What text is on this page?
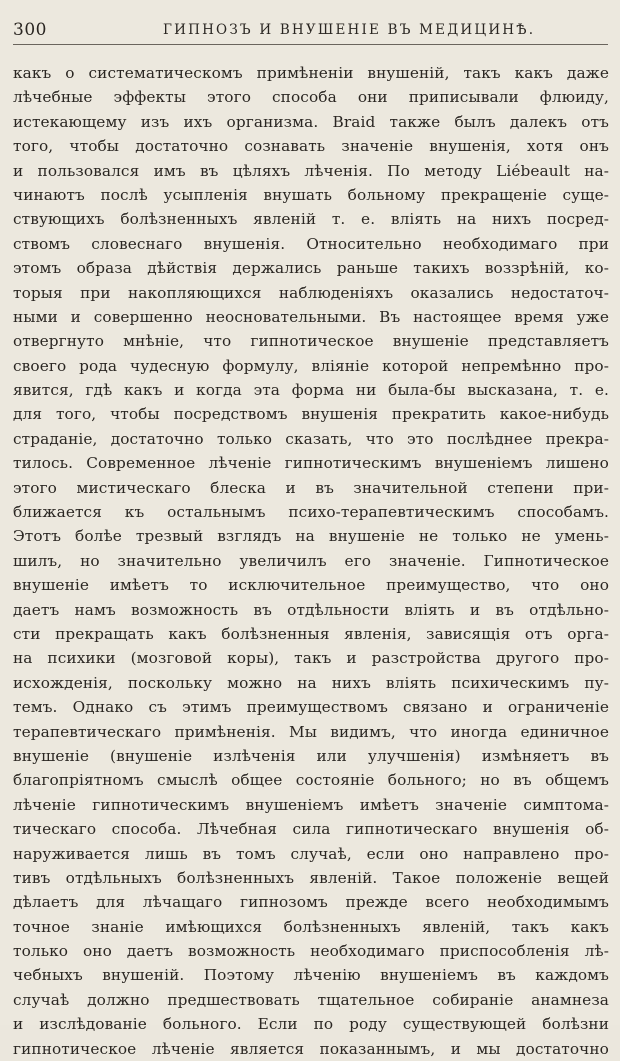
300	ГИПНОЗЪ И ВНУШЕНІЕ ВЪ МЕДИЦИНѢ.
какъ о систематическомъ примѣненіи внушеній, такъ какъ даже
лѣчебные эффекты этого способа они приписывали флюиду,
истекающему изъ ихъ организма. Braid также былъ далекъ отъ
того, чтобы достаточно сознавать значеніе внушенія, хотя онъ
и пользовался имъ въ цѣляхъ лѣченія. По методу Liébeault на-
чинаютъ послѣ усыпленія внушать больному прекращеніе суще-
ствующихъ болѣзненныхъ явленій т. е. влiять на нихъ посред-
ствомъ словеснаго внушенія. Относительно необходимаго при
этомъ образа дѣйствія держались раньше такихъ воззрѣній, ко-
торыя при накопляющихся наблюденіяхъ оказались недостаточ-
ными и совершенно неосновательными. Въ настоящее время уже
отвергнуто мнѣніе, что гипнотическое внушеніе представляетъ
своего рода чудесную формулу, вліяніе которой непремѣнно про-
явится, гдѣ какъ и когда эта форма ни была-бы высказана, т. е.
для того, чтобы посредствомъ внушенія прекратить какое-нибудь
страданіе, достаточно только сказать, что это послѣднее прекра-
тилось. Современное лѣченіе гипнотическимъ внушеніемъ лишено
этого мистическаго блеска и въ значительной степени при-
ближается къ остальнымъ психо-терапевтическимъ способамъ.
Этотъ болѣе трезвый взглядъ на внушеніе не только не умень-
шилъ, но значительно увеличилъ его значеніе. Гипнотическое
внушеніе имѣетъ то исключительное преимущество, что оно
даетъ намъ возможность въ отдѣльности влiять и въ отдѣльно-
сти прекращать какъ болѣзненныя явленія, зависящія отъ орга-
на психики (мозговой коры), такъ и разстройства другого про-
исхожденія, поскольку можно на нихъ влiять психическимъ пу-
темъ. Однако съ этимъ преимуществомъ связано и ограниченіе
терапевтическаго примѣненія. Мы видимъ, что иногда единичное
внушеніе (внушеніе излѣченія или улучшенія) измѣняетъ въ
благопріятномъ смыслѣ общее состояніе больного; но въ общемъ
лѣченіе гипнотическимъ внушеніемъ имѣетъ значеніе симптома-
тическаго способа. Лѣчебная сила гипнотическаго внушенія об-
наруживается лишь въ томъ случаѣ, если оно направлено про-
тивъ отдѣльныхъ болѣзненныхъ явленій. Такое положеніе вещей
дѣлаетъ для лѣчащаго гипнозомъ прежде всего необходимымъ
точное знаніе имѣющихся болѣзненныхъ явленій, такъ какъ
только оно даетъ возможность необходимаго приспособленія лѣ-
чебныхъ внушеній. Поэтому лѣченію внушеніемъ въ каждомъ
случаѣ должно предшествовать тщательное собираніе анамнеза
и изслѣдованіе больного. Если по роду существующей болѣзни
гипнотическое лѣченіе является показаннымъ, и мы достаточно
